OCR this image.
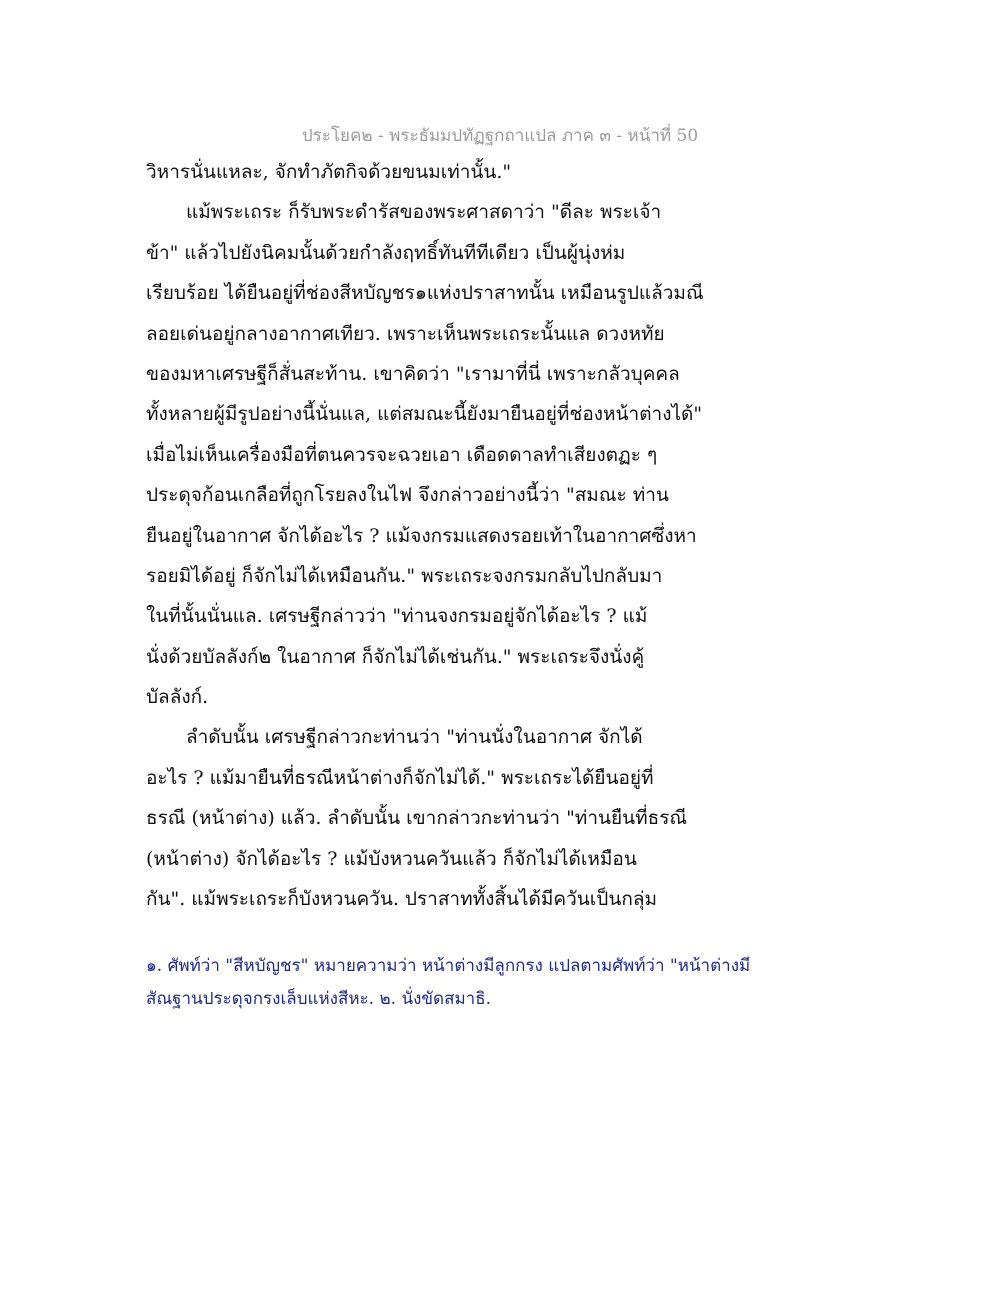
ประโยค๒ - พระธัมมปทัฏฐกถาแปล ภาค ๓ - หน้าที่ 50
วิหารนั่นแหละ, จักทำภัตกิจด้วยขนมเท่านั้น."
แม้พระเถระ ก็รับพระดำรัสของพระศาสดาว่า "ดีละ พระเจ้า
ข้า" แล้วไปยังนิคมนั้นด้วยกำลังฤทธิ์ทันทีทีเดียว เป็นผู้นุ่งห่ม
เรียบร้อย ได้ยืนอยู่ที่ช่องสีหบัญชร๑แห่งปราสาทนั้น เหมือนรูปแล้วมณี
ลอยเด่นอยู่กลางอากาศเทียว. เพราะเห็นพระเถระนั้นแล ดวงหทัย
ของมหาเศรษฐีก็สั่นสะท้าน. เขาคิดว่า "เรามาที่นี่ เพราะกลัวบุคคล
ทั้งหลายผู้มีรูปอย่างนี้นั่นแล, แต่สมณะนี้ยังมายืนอยู่ที่ช่องหน้าต่างได้"
เมื่อไม่เห็นเครื่องมือที่ตนควรจะฉวยเอา เดือดดาลทำเสียงตฏะ ๆ
ประดุจก้อนเกลือที่ถูกโรยลงในไฟ จึงกล่าวอย่างนี้ว่า "สมณะ ท่าน
ยืนอยู่ในอากาศ จักได้อะไร ? แม้จงกรมแสดงรอยเท้าในอากาศซึ่งหา
รอยมิได้อยู่ ก็จักไม่ได้เหมือนกัน." พระเถระจงกรมกลับไปกลับมา
ในที่นั้นนั่นแล. เศรษฐีกล่าวว่า "ท่านจงกรมอยู่จักได้อะไร ? แม้
นั่งด้วยบัลลังก์๒ ในอากาศ ก็จักไม่ได้เช่นกัน." พระเถระจึงนั่งคู้
บัลลังก์.
ลำดับนั้น เศรษฐีกล่าวกะท่านว่า "ท่านนั่งในอากาศ จักได้
อะไร ? แม้มายืนที่ธรณีหน้าต่างก็จักไม่ได้." พระเถระได้ยืนอยู่ที่
ธรณี (หน้าต่าง) แล้ว. ลำดับนั้น เขากล่าวกะท่านว่า "ท่านยืนที่ธรณี
(หน้าต่าง) จักได้อะไร ? แม้บังหวนควันแล้ว ก็จักไม่ได้เหมือน
กัน". แม้พระเถระก็บังหวนควัน. ปราสาททั้งสิ้นได้มีควันเป็นกลุ่ม
๑. ศัพท์ว่า "สีหบัญชร" หมายความว่า หน้าต่างมีลูกกรง แปลตามศัพท์ว่า "หน้าต่างมี
สัณฐานประดุจกรงเล็บแห่งสีหะ. ๒. นั่งขัดสมาธิ.
